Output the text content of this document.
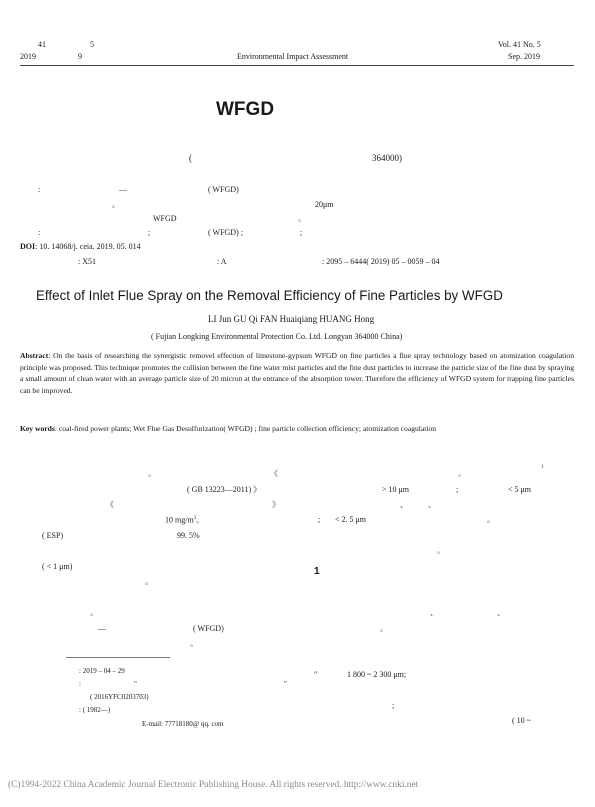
41	5
2019	9	Environmental Impact Assessment
Vol. 41 No. 5
Sep. 2019
WFGD
(	364000)
:	—	( WFGD)
。	20μm
WFGD	。
:	;	( WFGD) ;	;
DOI: 10. 14068/j. ceia. 2019. 05. 014
: X51	: A	: 2095 – 6444( 2019) 05 – 0059 – 04
Effect of Inlet Flue Spray on the Removal Efficiency of Fine Particles by WFGD
LI Jun GU Qi FAN Huaiqiang HUANG Hong
( Fujian Longking Environmental Protection Co. Ltd. Longyan 364000 China)
Abstract: On the basis of researching the synergistic removel effection of limestone-gypsum WFGD on fine particles a flue spray technology based on atomization coagulation principle was proposed. This technique promotes the collision between the fine water mist particles and the fine dust particles to increase the particle size of the fine dust by spraying a small amount of clean water with an average particle size of 20 micron at the entrance of the absorption tower. Therefore the efficiency of WFGD system for trapping fine particles can be improved.
Key words: coal-fired power plants; Wet Flue Gas Desulfurization( WFGD) ; fine particle collection efficiency; atomization coagulation
。	《
( GB 13223—2011) 》
《	》
10 $mg/m^3$。
( ESP)	99. 5%
( < 1 μm)
。
。
—	( WFGD)
。
。
1
> 10 μm	;	< 5 μm
、	、
; < 2. 5 μm	。
。
1
、	、
。
"	1 800 ~ 2 300 μm;
;
( 10 ~
: 2019 – 04 – 29
:	"	"
( 2016YFC0203703)
: ( 1982—)
E-mail: 77718180@ qq. com
(C)1994-2022 China Academic Journal Electronic Publishing House. All rights reserved. http://www.cnki.net
